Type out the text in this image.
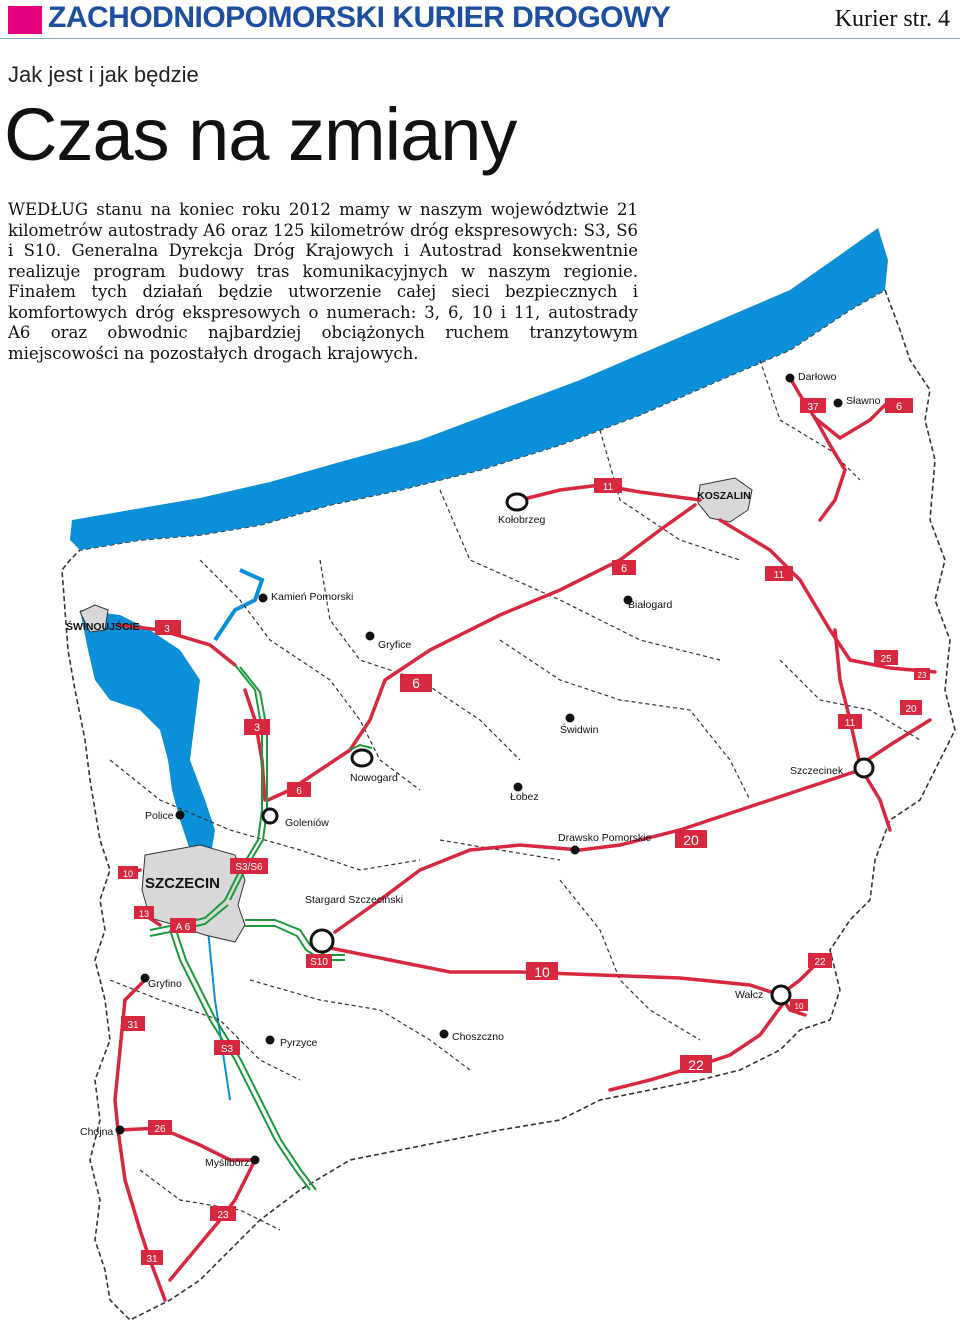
ZACHODNIOPOMORSKI KURIER DROGOWY	Kurier str. 4
Darłowo
Sławno
KOSZALIN
Kołobrzeg
Białogard
Kamień Pomorski
ŚWINOUJŚCIE
Gryfice
Świdwin
Nowogard
Łobez
Szczecinek
Police
Goleniów
Drawsko Pomorskie
SZCZECIN
Stargard Szczeciński
Gryfino
Wałcz
Pyrzyce	Choszczno
Chojna
Myślibórz
37	6
11
6
11
3
25
23
6
11
20
3
6
20
10
S3/S6
13
A 6
S10
10
22
10
31
S3
22
26
23
31
Jak jest i jak będzie
Czas na zmiany
WEDŁUG stanu na koniec roku 2012 mamy w naszym województwie 21 kilometrów autostrady A6 oraz 125 kilometrów dróg ekspresowych: S3, S6 i S10. Generalna Dyrekcja Dróg Krajowych i Autostrad konsekwentnie realizuje program budowy tras komunikacyjnych w naszym regionie. Finałem tych działań będzie utworzenie całej sieci bezpiecznych i komfortowych dróg ekspresowych o numerach: 3, 6, 10 i 11, autostrady A6 oraz obwodnic najbardziej obciążonych ruchem tranzytowym miejscowości na pozostałych drogach krajowych.
